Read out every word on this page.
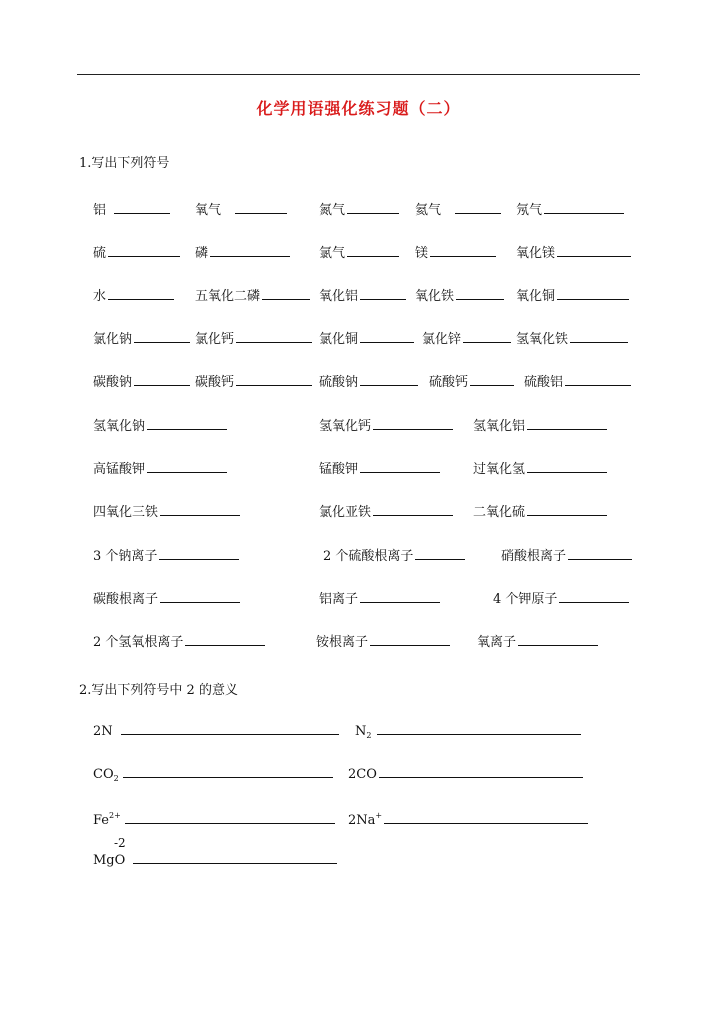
化学用语强化练习题（二）
1.写出下列符号
铝	氧气	氮气	氦气	氖气
硫	磷	氯气	镁	氧化镁
水	五氧化二磷	氧化铝	氧化铁	氧化铜
氯化钠	氯化钙	氯化铜	氯化锌	氢氧化铁
碳酸钠	碳酸钙	硫酸钠	硫酸钙	硫酸铝
氢氧化钠	氢氧化钙	氢氧化铝
高锰酸钾	锰酸钾	过氧化氢
四氧化三铁	氯化亚铁	二氧化硫
3 个钠离子	2 个硫酸根离子	硝酸根离子
碳酸根离子	铝离子	4 个钾原子
2 个氢氧根离子	铵根离子	氧离子
2.写出下列符号中 2 的意义
2N	$N_2$
$CO_2$	2CO
$Fe^{2+}$	2Na+
-2
MgO
